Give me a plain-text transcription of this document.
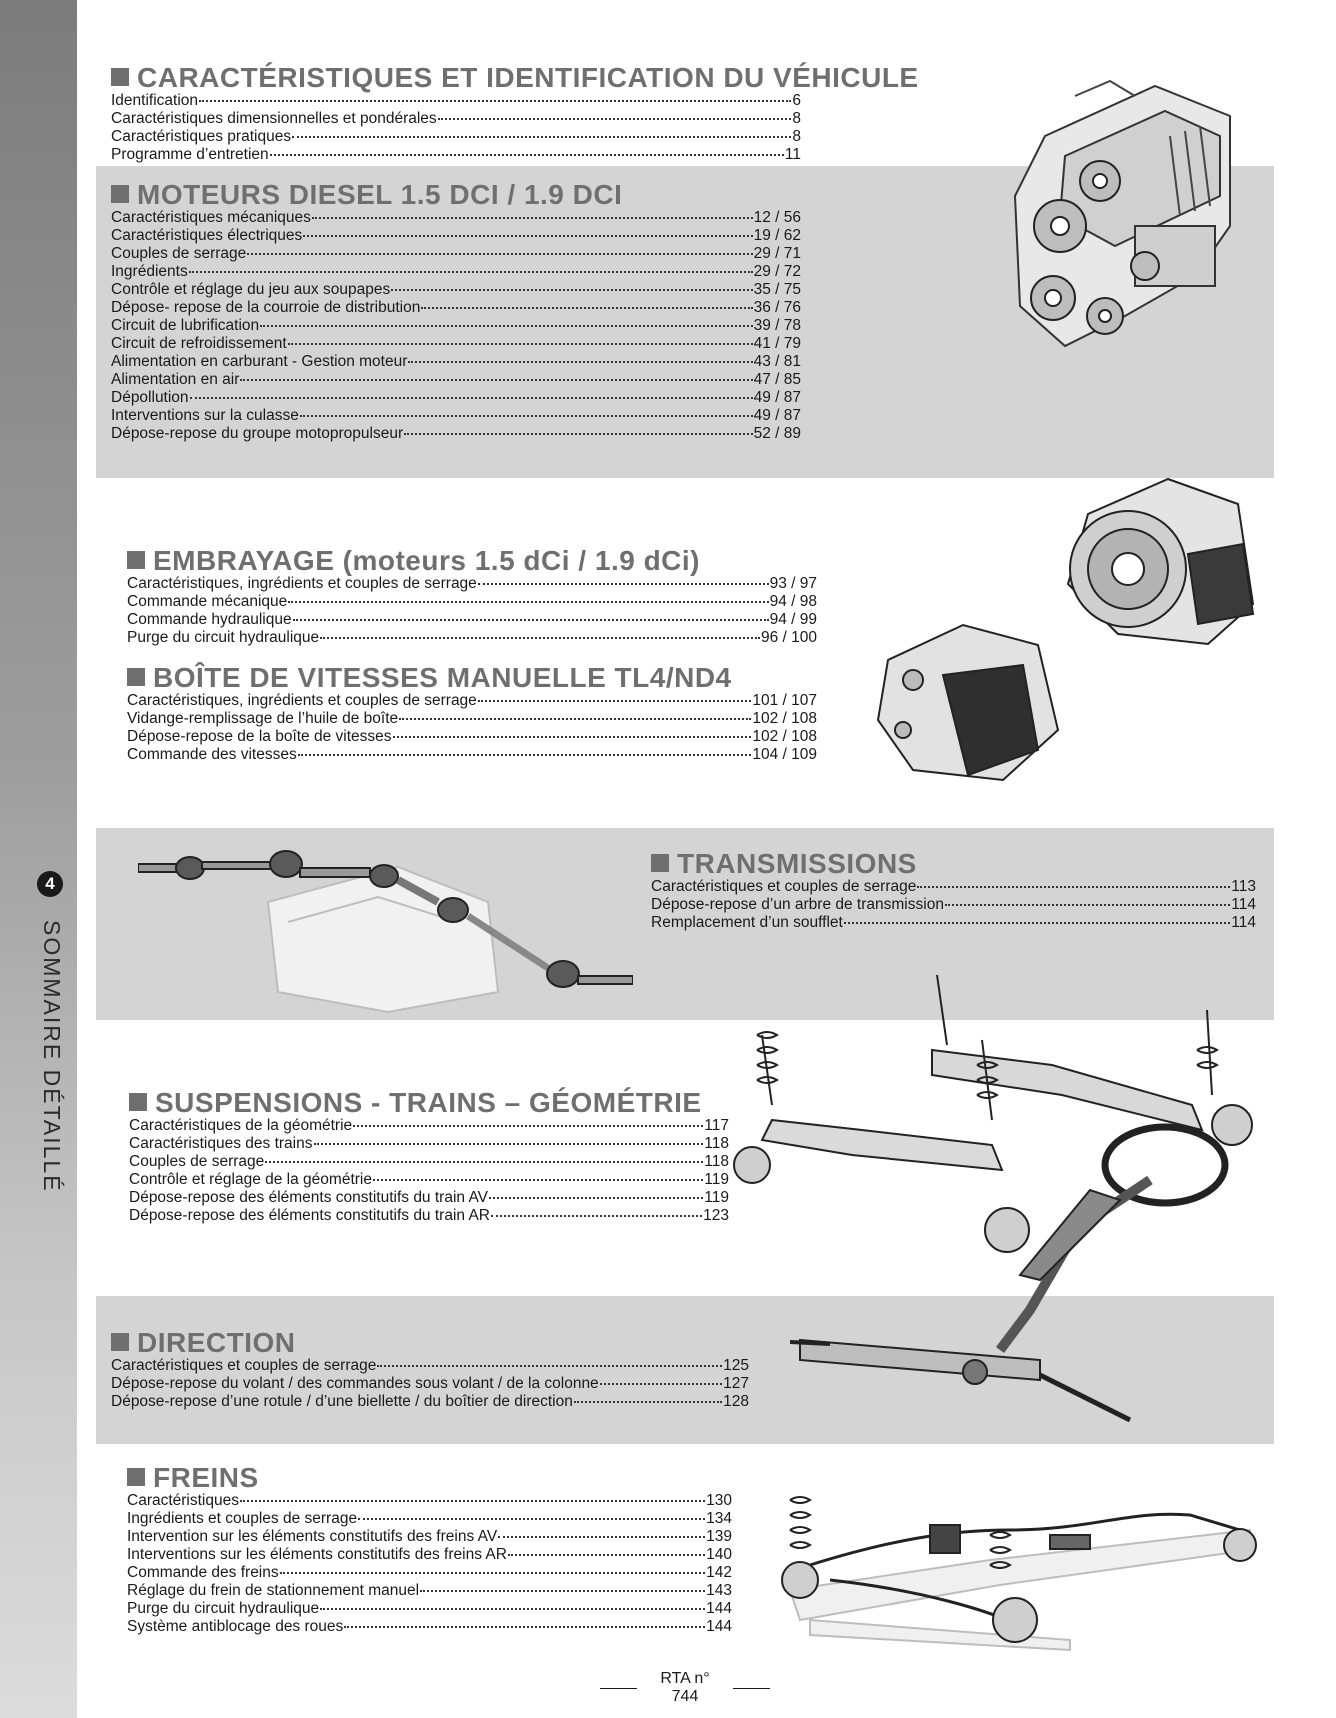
4
SOMMAIRE DÉTAILLÉ
CARACTÉRISTIQUES ET IDENTIFICATION DU VÉHICULE
Identification	6
Caractéristiques dimensionnelles et pondérales	8
Caractéristiques pratiques	8
Programme d’entretien	11
MOTEURS DIESEL 1.5 DCI / 1.9 DCI
Caractéristiques mécaniques	12 / 56
Caractéristiques électriques	19 / 62
Couples de serrage	29 / 71
Ingrédients	29 / 72
Contrôle et réglage du jeu aux soupapes	35 / 75
Dépose- repose de la courroie de distribution	36 / 76
Circuit de lubrification	39 / 78
Circuit de refroidissement	41 / 79
Alimentation en carburant - Gestion moteur	43 / 81
Alimentation en air	47 / 85
Dépollution	49 / 87
Interventions sur la culasse	49 / 87
Dépose-repose du groupe motopropulseur	52 / 89
EMBRAYAGE (moteurs 1.5 dCi / 1.9 dCi)
Caractéristiques, ingrédients et couples de serrage	93 / 97
Commande mécanique	94 / 98
Commande hydraulique	94 / 99
Purge du circuit hydraulique	96 / 100
BOÎTE DE VITESSES MANUELLE TL4/ND4
Caractéristiques, ingrédients et couples de serrage	101 / 107
Vidange-remplissage de l’huile de boîte	102 / 108
Dépose-repose de la boîte de vitesses	102 / 108
Commande des vitesses	104 / 109
TRANSMISSIONS
Caractéristiques et couples de serrage	113
Dépose-repose d’un arbre de transmission	114
Remplacement d’un soufflet	114
SUSPENSIONS - TRAINS – GÉOMÉTRIE
Caractéristiques de la géométrie	117
Caractéristiques des trains	118
Couples de serrage	118
Contrôle et réglage de la géométrie	119
Dépose-repose des éléments constitutifs du train AV	119
Dépose-repose des éléments constitutifs du train AR	123
DIRECTION
Caractéristiques et couples de serrage	125
Dépose-repose du volant / des commandes sous volant / de la colonne	127
Dépose-repose d’une rotule / d’une biellette / du boîtier de direction	128
FREINS
Caractéristiques	130
Ingrédients et couples de serrage	134
Intervention sur les éléments constitutifs des freins AV	139
Interventions sur les éléments constitutifs des freins AR	140
Commande des freins	142
Réglage du frein de stationnement manuel	143
Purge du circuit hydraulique	144
Système antiblocage des roues	144
RTA n° 744
